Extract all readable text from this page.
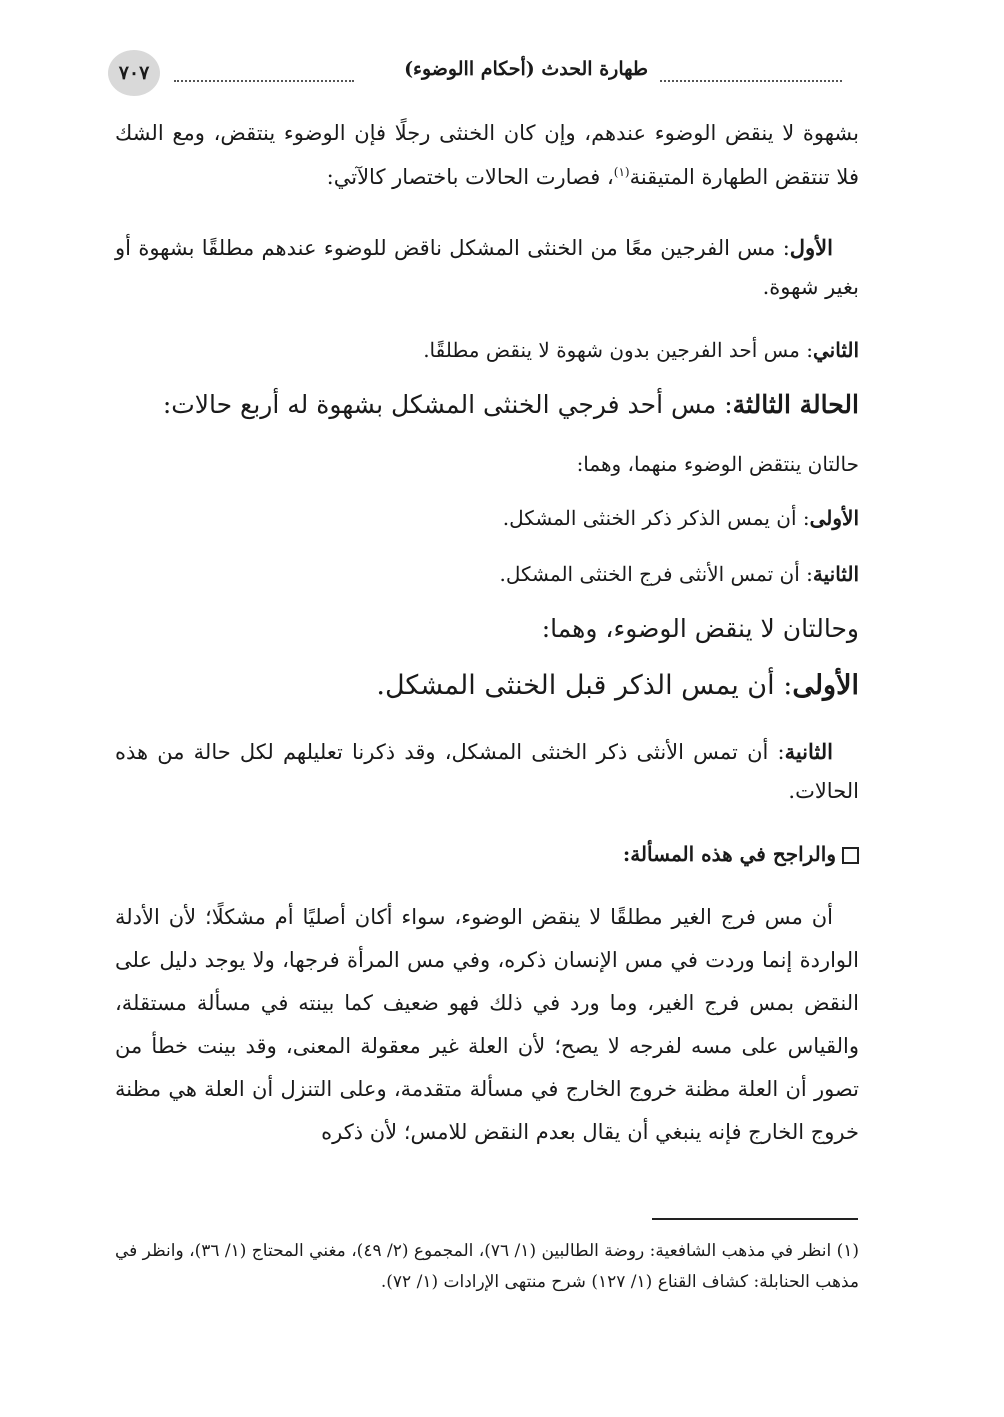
٧٠٧	طهارة الحدث (أحكام االوضوء)
بشهوة لا ينقض الوضوء عندهم، وإن كان الخنثى رجلًا فإن الوضوء ينتقض، ومع الشك فلا تنتقض الطهارة المتيقنة$^{(١)}$، فصارت الحالات باختصار كالآتي:
الأول: مس الفرجين معًا من الخنثى المشكل ناقض للوضوء عندهم مطلقًا بشهوة أو بغير شهوة.
الثاني: مس أحد الفرجين بدون شهوة لا ينقض مطلقًا.
الحالة الثالثة: مس أحد فرجي الخنثى المشكل بشهوة له أربع حالات:
حالتان ينتقض الوضوء منهما، وهما:
الأولى: أن يمس الذكر ذكر الخنثى المشكل.
الثانية: أن تمس الأنثى فرج الخنثى المشكل.
وحالتان لا ينقض الوضوء، وهما:
الأولى: أن يمس الذكر قبل الخنثى المشكل.
الثانية: أن تمس الأنثى ذكر الخنثى المشكل، وقد ذكرنا تعليلهم لكل حالة من هذه الحالات.
والراجح في هذه المسألة:
أن مس فرج الغير مطلقًا لا ينقض الوضوء، سواء أكان أصليًا أم مشكلًا؛ لأن الأدلة الواردة إنما وردت في مس الإنسان ذكره، وفي مس المرأة فرجها، ولا يوجد دليل على النقض بمس فرج الغير، وما ورد في ذلك فهو ضعيف كما بينته في مسألة مستقلة، والقياس على مسه لفرجه لا يصح؛ لأن العلة غير معقولة المعنى، وقد بينت خطأ من تصور أن العلة مظنة خروج الخارج في مسألة متقدمة، وعلى التنزل أن العلة هي مظنة خروج الخارج فإنه ينبغي أن يقال بعدم النقض للامس؛ لأن ذكره
(١) انظر في مذهب الشافعية: روضة الطالبين (١/ ٧٦)، المجموع (٢/ ٤٩)، مغني المحتاج (١/ ٣٦)، وانظر في مذهب الحنابلة: كشاف القناع (١/ ١٢٧) شرح منتهى الإرادات (١/ ٧٢).
